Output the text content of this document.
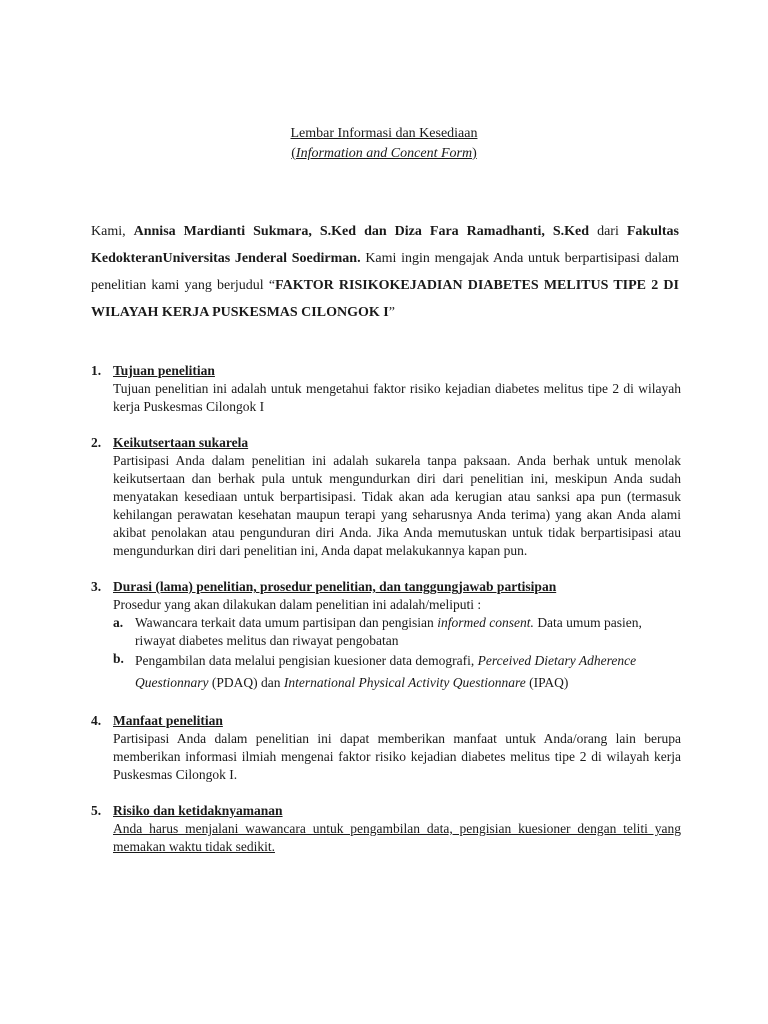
Lembar Informasi dan Kesediaan
(Information and Concent Form)
Kami, Annisa Mardianti Sukmara, S.Ked dan Diza Fara Ramadhanti, S.Ked dari Fakultas KedokteranUniversitas Jenderal Soedirman. Kami ingin mengajak Anda untuk berpartisipasi dalam penelitian kami yang berjudul “FAKTOR RISIKOKEJADIAN DIABETES MELITUS TIPE 2 DI WILAYAH KERJA PUSKESMAS CILONGOK I”
1. Tujuan penelitian
Tujuan penelitian ini adalah untuk mengetahui faktor risiko kejadian diabetes melitus tipe 2 di wilayah kerja Puskesmas Cilongok I
2. Keikutsertaan sukarela
Partisipasi Anda dalam penelitian ini adalah sukarela tanpa paksaan. Anda berhak untuk menolak keikutsertaan dan berhak pula untuk mengundurkan diri dari penelitian ini, meskipun Anda sudah menyatakan kesediaan untuk berpartisipasi. Tidak akan ada kerugian atau sanksi apa pun (termasuk kehilangan perawatan kesehatan maupun terapi yang seharusnya Anda terima) yang akan Anda alami akibat penolakan atau pengunduran diri Anda. Jika Anda memutuskan untuk tidak berpartisipasi atau mengundurkan diri dari penelitian ini, Anda dapat melakukannya kapan pun.
3. Durasi (lama) penelitian, prosedur penelitian, dan tanggungjawab partisipan
Prosedur yang akan dilakukan dalam penelitian ini adalah/meliputi :
a. Wawancara terkait data umum partisipan dan pengisian informed consent. Data umum pasien, riwayat diabetes melitus dan riwayat pengobatan
b. Pengambilan data melalui pengisian kuesioner data demografi, Perceived Dietary Adherence Questionnary (PDAQ) dan International Physical Activity Questionnare (IPAQ)
4. Manfaat penelitian
Partisipasi Anda dalam penelitian ini dapat memberikan manfaat untuk Anda/orang lain berupa memberikan informasi ilmiah mengenai faktor risiko kejadian diabetes melitus tipe 2 di wilayah kerja Puskesmas Cilongok I.
5. Risiko dan ketidaknyamanan
Anda harus menjalani wawancara untuk pengambilan data, pengisian kuesioner dengan teliti yang memakan waktu tidak sedikit.
